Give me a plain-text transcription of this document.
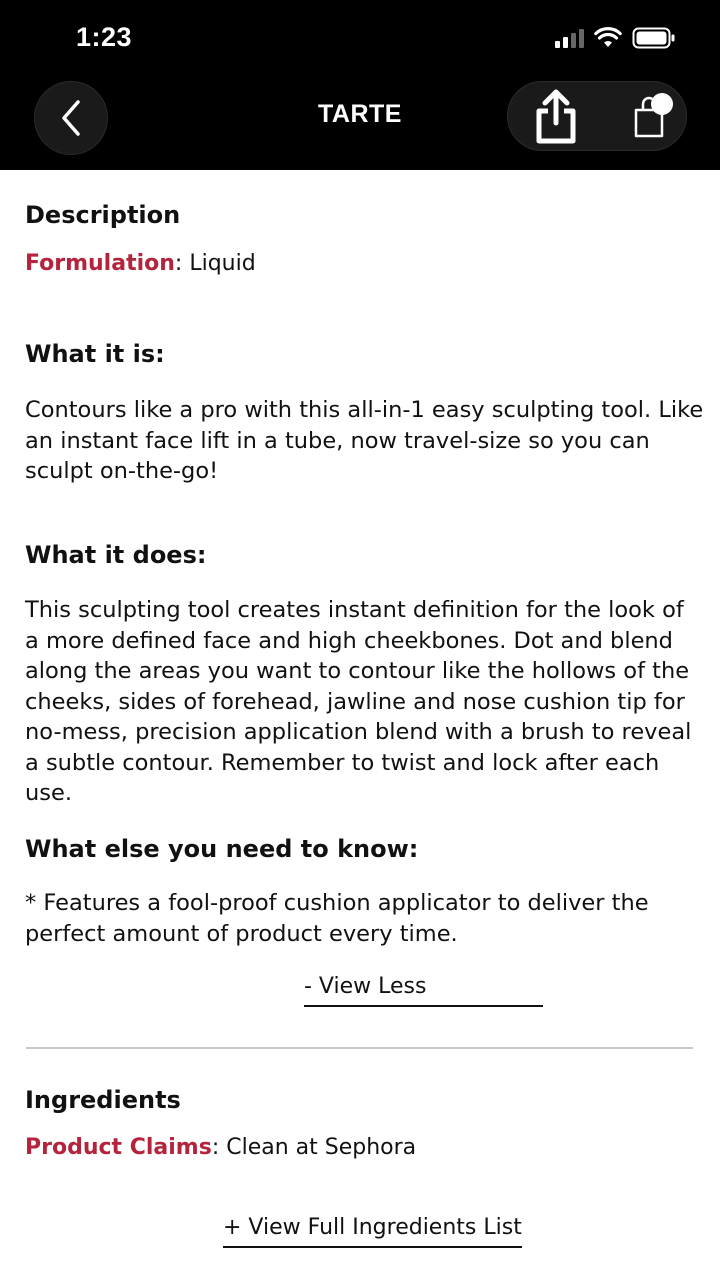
1:23
TARTE
Description
Formulation: Liquid
What it is:
Contours like a pro with this all-in-1 easy sculpting tool. Like
an instant face lift in a tube, now travel-size so you can
sculpt on-the-go!
What it does:
This sculpting tool creates instant definition for the look of
a more defined face and high cheekbones. Dot and blend
along the areas you want to contour like the hollows of the
cheeks, sides of forehead, jawline and nose cushion tip for
no-mess, precision application blend with a brush to reveal
a subtle contour. Remember to twist and lock after each
use.
What else you need to know:
* Features a fool-proof cushion applicator to deliver the
perfect amount of product every time.
- View Less
Ingredients
Product Claims: Clean at Sephora
+ View Full Ingredients List
